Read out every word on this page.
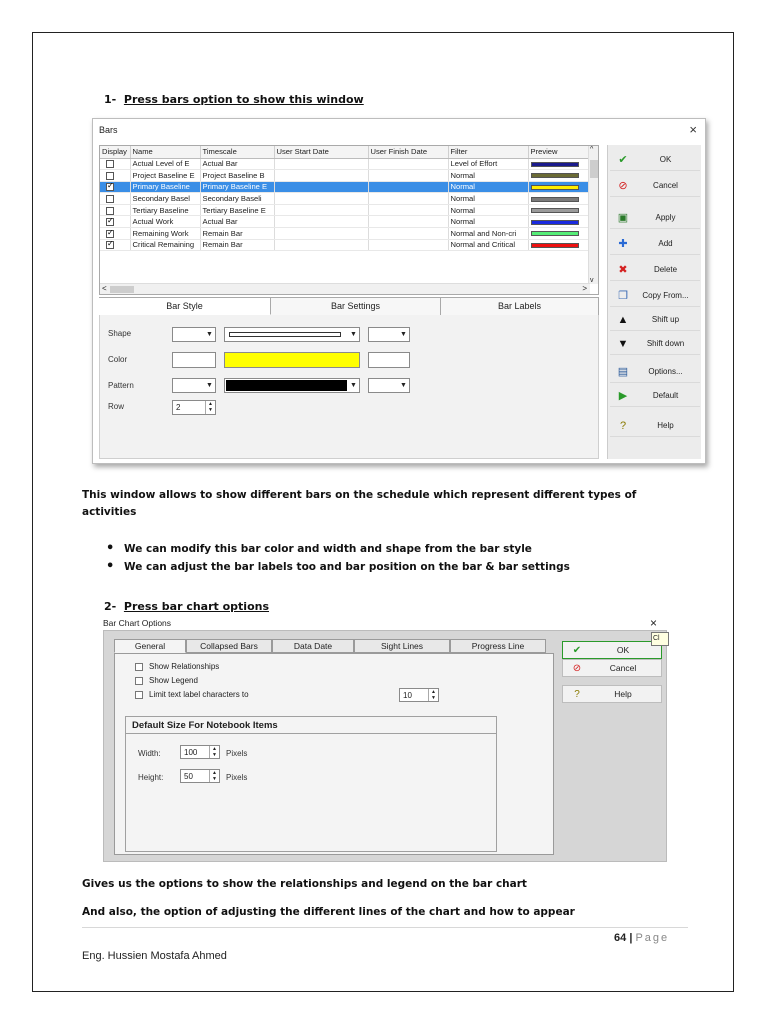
1- Press bars option to show this window
Bars	×
Display	Name	Timescale	User Start Date	User Finish Date	Filter	Preview
	Actual Level of E	Actual Bar			Level of Effort	
	Project Baseline E	Project Baseline B			Normal	
✓	Primary Baseline	Primary Baseline E			Normal	
	Secondary Basel	Secondary Baseli			Normal	
	Tertiary Baseline	Tertiary Baseline E			Normal	
✓	Actual Work	Actual Bar			Normal	
✓	Remaining Work	Remain Bar			Normal and Non-cri	
✓	Critical Remaining	Remain Bar			Normal and Critical	
^
v
<	>
✔	OK
⊘	Cancel
▣	Apply
✚	Add
✖	Delete
❐	Copy From...
▲	Shift up
▼	Shift down
▤	Options...
▶	Default
?	Help
Bar Style	Bar Settings	Bar Labels
Shape	▼	▼	▼
Color
Pattern	▼	▼	▼
Row	2	▲
▼
This window allows to show different bars on the schedule which represent different types of activities
• We can modify this bar color and width and shape from the bar style
• We can adjust the bar labels too and bar position on the bar & bar settings
2- Press bar chart options
Bar Chart Options	×
General	Collapsed Bars	Data Date	Sight Lines	Progress Line
Show Relationships
Show Legend
Limit text label characters to	10	▲
▼
Default Size For Notebook Items
Width:	100	▲
▼ Pixels
Height:	50	▲
▼ Pixels
✔	OK
⊘	Cancel
?	Help
Cl
Gives us the options to show the relationships and legend on the bar chart
And also, the option of adjusting the different lines of the chart and how to appear
64 | Page
Eng. Hussien Mostafa Ahmed
